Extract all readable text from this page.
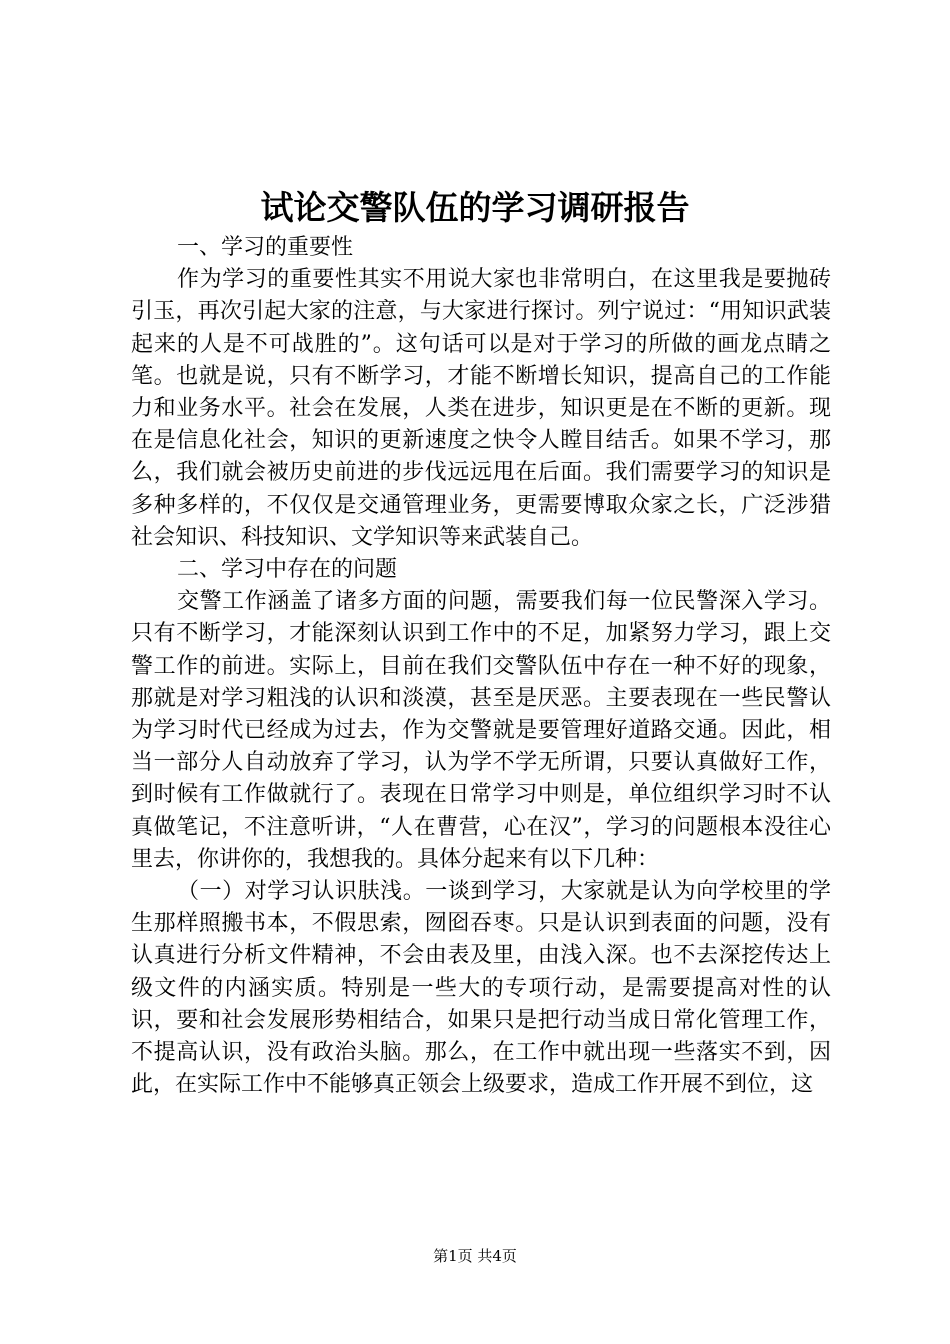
试论交警队伍的学习调研报告

一、学习的重要性

作为学习的重要性其实不用说大家也非常明白，在这里我是要抛砖引玉，再次引起大家的注意，与大家进行探讨。列宁说过：“用知识武装起来的人是不可战胜的”。这句话可以是对于学习的所做的画龙点睛之笔。也就是说，只有不断学习，才能不断增长知识，提高自己的工作能力和业务水平。社会在发展，人类在进步，知识更是在不断的更新。现在是信息化社会，知识的更新速度之快令人瞠目结舌。如果不学习，那么，我们就会被历史前进的步伐远远甩在后面。我们需要学习的知识是多种多样的，不仅仅是交通管理业务，更需要博取众家之长，广泛涉猎社会知识、科技知识、文学知识等来武装自己。

二、学习中存在的问题

交警工作涵盖了诸多方面的问题，需要我们每一位民警深入学习。只有不断学习，才能深刻认识到工作中的不足，加紧努力学习，跟上交警工作的前进。实际上，目前在我们交警队伍中存在一种不好的现象，那就是对学习粗浅的认识和淡漠，甚至是厌恶。主要表现在一些民警认为学习时代已经成为过去，作为交警就是要管理好道路交通。因此，相当一部分人自动放弃了学习，认为学不学无所谓，只要认真做好工作，到时候有工作做就行了。表现在日常学习中则是，单位组织学习时不认真做笔记，不注意听讲，“人在曹营，心在汉”，学习的问题根本没往心里去，你讲你的，我想我的。具体分起来有以下几种：

（一）对学习认识肤浅。一谈到学习，大家就是认为向学校里的学生那样照搬书本，不假思索，囫囵吞枣。只是认识到表面的问题，没有认真进行分析文件精神，不会由表及里，由浅入深。也不去深挖传达上级文件的内涵实质。特别是一些大的专项行动，是需要提高对性的认识，要和社会发展形势相结合，如果只是把行动当成日常化管理工作，不提高认识，没有政治头脑。那么，在工作中就出现一些落实不到，因此，在实际工作中不能够真正领会上级要求，造成工作开展不到位，这

第1页 共4页
